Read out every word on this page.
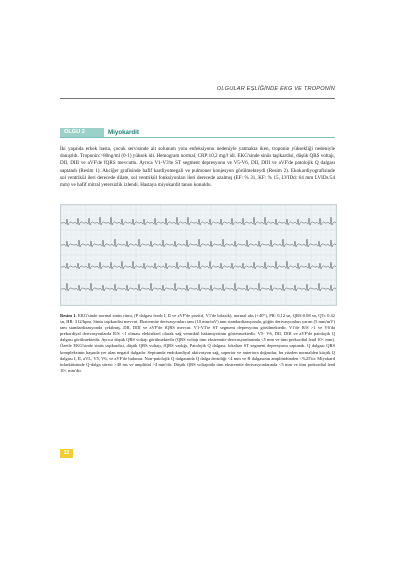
OLGULAR EŞLİĞİNDE EKG VE TROPONİN
OLGU 2	Miyokardit

İki yaşında erkek hasta, çocuk servisinde ait solunum yolu enfeksiyonu nedeniyle yatmakta iken, troponin yüksekliği nedeniyle danışıldı. Troponin:>80ng/ml (0-1) yüksek idi. Hemogram normal, CRP:10,2 mg/l idi. EKG'sinde sinüs taşikardisi, düşük QRS voltajı, DII, DIII ve aVF'de fQRS mevcuttu. Ayrıca V1-V3'te ST segment depresyonu ve V5-V6, DII, DIII ve aVF'de patolojik Q dalgası saptandı (Resim 1). Akciğer grafisinde hafif kardiyomegali ve pulmoner konjesyon görülmekteydi (Resim 2). Ekokardiyografisinde sol ventrikül ileri derecede dilate, sol ventrikül fonksiyonları ileri derecede azalmış (EF: % 31, KF: % 15, LVIDd: 64 mm LVIDs:54 mm) ve hafif mitral yetersizlik izlendi. Hastaya miyokardit tanısı konuldu.

Resim 1. EKG'sinde normal sinüs ritmi, (P dalgası leads I, II ve aVF'de pozitif, V1'de bifazik), normal aks (+40°), PR: 0,12 sn, QRS:0.08 sn, QTc 0.42 sn, HR: 312/bpm. Sinüs taşikardisi mevcut. Ekstremite derivasyonları tam (10 mm/mV) tam standardizasyonda, göğüs derivasyonları yarım (5 mm/mV) tam standardizasyonda çekilmiş. DII, DIII ve aVF'de fQRS mevcut. V1-V3'te ST segment depresyonu görülmektedir. V1'de R/S >1 ve V6'da prekordiyal derivasyonlarda R/S <1 olması elektriksel olarak sağ ventrikül hakimiyetinin göstermektedir. V5- V6, DII, DIII ve aVF'de patolojik Q dalgası görülmektedir. Ayrıca düşük QRS voltajı görülmektedir (QRS voltajı tüm ekstremite derivasyonlarında <5 mm ve tüm prekordial lead 10< mm). Özetle EKG'sinde sinüs taşikardisi, düşük QRS voltajı, fQRS varlığı, Patolojik Q dalgası, lokalize ST segment depresyonu saptandı. Q dalgası QRS kompleksinin başında yer alan negatif dalgadır. Septumda endokardiyal aktivasyon sağ, superior ve anteriora doğrudur, bu yüzden normalden küçük Q dalgası I, II, aVL, V5, V6, ve aVF'de bulunur. Non-patolojik Q dalgasında Q dalga derinliği <4 mm ve R dalgasının amplitüdünden <%25'tir. Miyokard infarktüsünde Q-dalga süresi >40 ms ve amplitüd >4 mm'dir. Düşük QRS voltajında tüm ekstremite derivasyonlarında <5 mm ve tüm prekordial lead 10< mm'dir.

32
